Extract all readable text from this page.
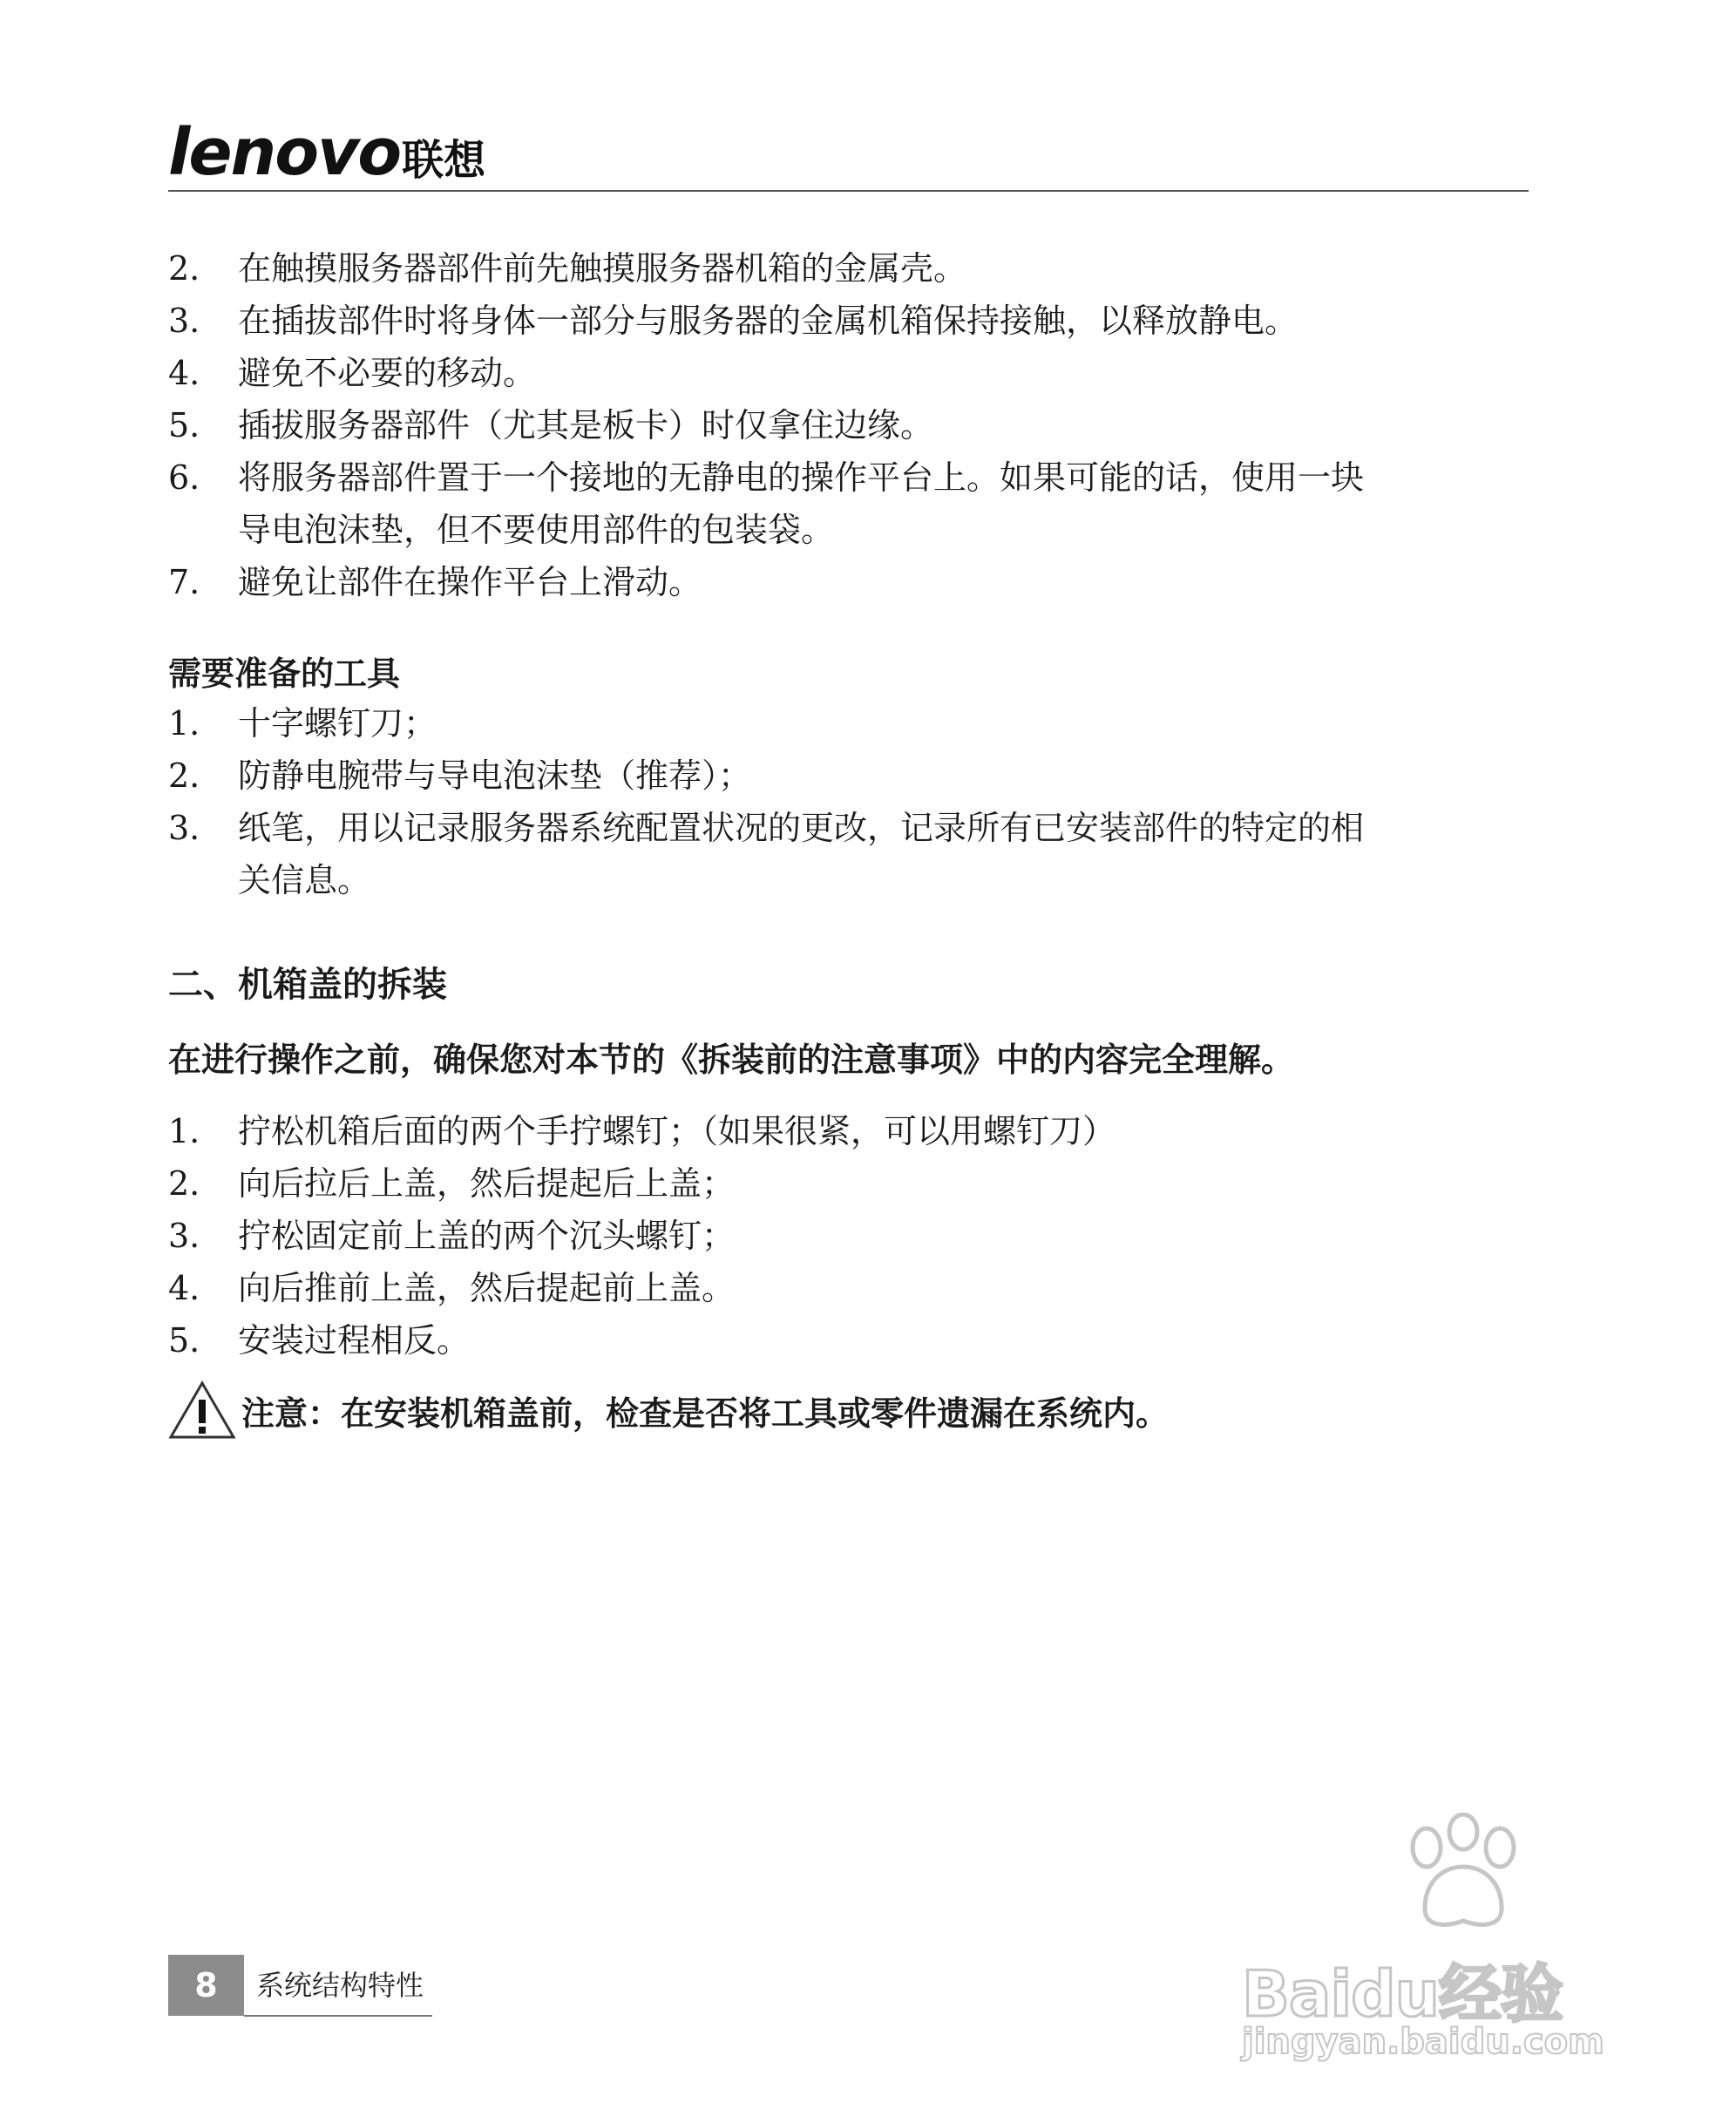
lenovo 联想
2.	在触摸服务器部件前先触摸服务器机箱的金属壳。
3.	在插拔部件时将身体一部分与服务器的金属机箱保持接触，以释放静电。
4.	避免不必要的移动。
5.	插拔服务器部件（尤其是板卡）时仅拿住边缘。
6.	将服务器部件置于一个接地的无静电的操作平台上。如果可能的话，使用一块
导电泡沫垫，但不要使用部件的包装袋。
7.	避免让部件在操作平台上滑动。
需要准备的工具
1.	十字螺钉刀；
2.	防静电腕带与导电泡沫垫（推荐）；
3.	纸笔，用以记录服务器系统配置状况的更改，记录所有已安装部件的特定的相
关信息。
二、机箱盖的拆装
在进行操作之前，确保您对本节的《拆装前的注意事项》中的内容完全理解。
1.	拧松机箱后面的两个手拧螺钉；（如果很紧，可以用螺钉刀）
2.	向后拉后上盖，然后提起后上盖；
3.	拧松固定前上盖的两个沉头螺钉；
4.	向后推前上盖，然后提起前上盖。
5.	安装过程相反。
注意：在安装机箱盖前，检查是否将工具或零件遗漏在系统内。
8	系统结构特性	Baidu经验
jingyan.baidu.com
